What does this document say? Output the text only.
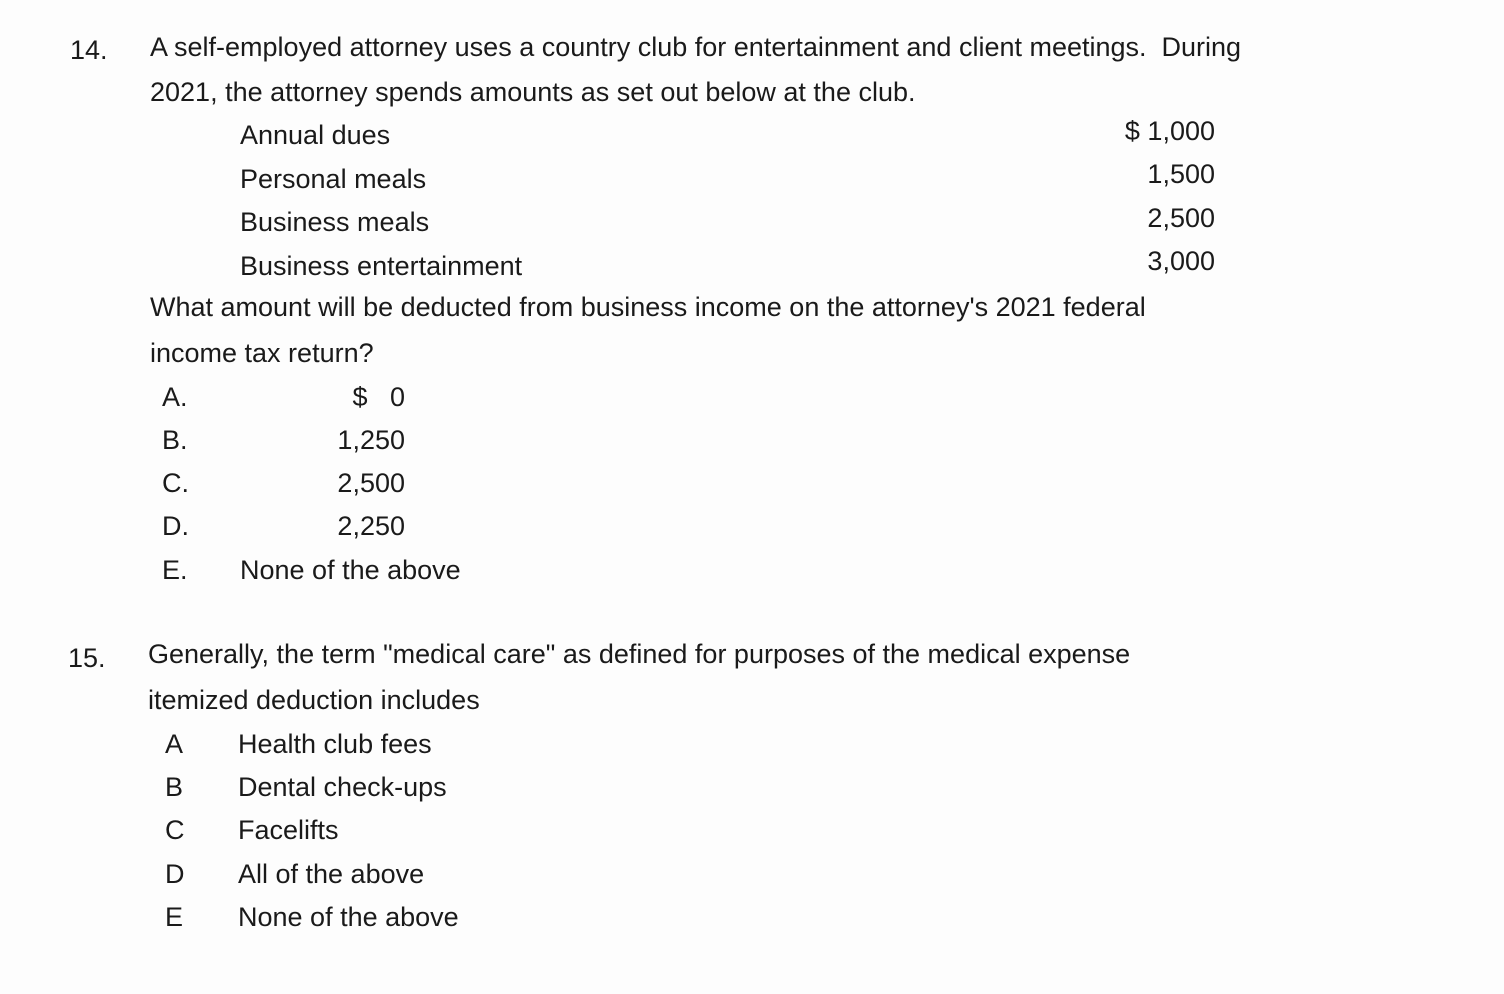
14. A self-employed attorney uses a country club for entertainment and client meetings.  During
2021, the attorney spends amounts as set out below at the club.
Annual dues	$ 1,000
Personal meals	1,500
Business meals	2,500
Business entertainment	3,000
What amount will be deducted from business income on the attorney's 2021 federal
income tax return?
A.	$   0
B.	1,250
C.	2,500
D.	2,250
E. None of the above
15. Generally, the term "medical care" as defined for purposes of the medical expense
itemized deduction includes
A Health club fees
B Dental check-ups
C Facelifts
D All of the above
E None of the above
